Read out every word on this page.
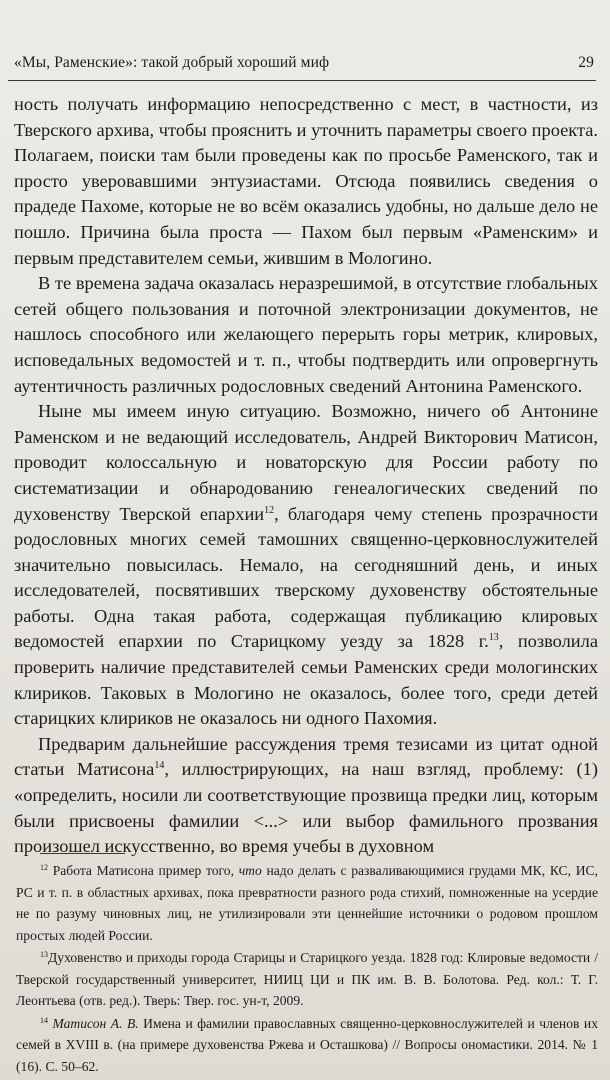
«Мы, Раменские»: такой добрый хороший миф	29

ность получать информацию непосредственно с мест, в частности, из Тверского архива, чтобы прояснить и уточнить параметры своего проекта. Полагаем, поиски там были проведены как по просьбе Раменского, так и просто уверовавшими энтузиастами. Отсюда появились сведения о прадеде Пахоме, которые не во всём оказались удобны, но дальше дело не пошло. Причина была проста — Пахом был первым «Раменским» и первым представителем семьи, жившим в Мологино.

В те времена задача оказалась неразрешимой, в отсутствие глобальных сетей общего пользования и поточной электронизации документов, не нашлось способного или желающего перерыть горы метрик, клировых, исповедальных ведомостей и т. п., чтобы подтвердить или опровергнуть аутентичность различных родословных сведений Антонина Раменского.

Ныне мы имеем иную ситуацию. Возможно, ничего об Антонине Раменском и не ведающий исследователь, Андрей Викторович Матисон, проводит колоссальную и новаторскую для России работу по систематизации и обнародованию генеалогических сведений по духовенству Тверской епархии$^{12}$, благодаря чему степень прозрачности родословных многих семей тамошних священно-церковнослужителей значительно повысилась. Немало, на сегодняшний день, и иных исследователей, посвятивших тверскому духовенству обстоятельные работы. Одна такая работа, содержащая публикацию клировых ведомостей епархии по Старицкому уезду за 1828 г.$^{13}$, позволила проверить наличие представителей семьи Раменских среди мологинских клириков. Таковых в Мологино не оказалось, более того, среди детей старицких клириков не оказалось ни одного Пахомия.

Предварим дальнейшие рассуждения тремя тезисами из цитат одной статьи Матисона$^{14}$, иллюстрирующих, на наш взгляд, проблему: (1) «определить, носили ли соответствующие прозвища предки лиц, которым были присвоены фамилии <...> или выбор фамильного прозвания произошел искусственно, во время учебы в духовном

$^{12}$ Работа Матисона пример того, что надо делать с разваливающимися грудами МК, КС, ИС, РС и т. п. в областных архивах, пока превратности разного рода стихий, помноженные на усердие не по разуму чиновных лиц, не утилизировали эти ценнейшие источники о родовом прошлом простых людей России.

$^{13}$Духовенство и приходы города Старицы и Старицкого уезда. 1828 год: Клировые ведомости / Тверской государственный университет, НИИЦ ЦИ и ПК им. В. В. Болотова. Ред. кол.: Т. Г. Леонтьева (отв. ред.). Тверь: Твер. гос. ун-т, 2009.

$^{14}$ Матисон А. В. Имена и фамилии православных священно-церковнослужителей и членов их семей в XVIII в. (на примере духовенства Ржева и Осташкова) // Вопросы ономастики. 2014. № 1 (16). С. 50–62.
